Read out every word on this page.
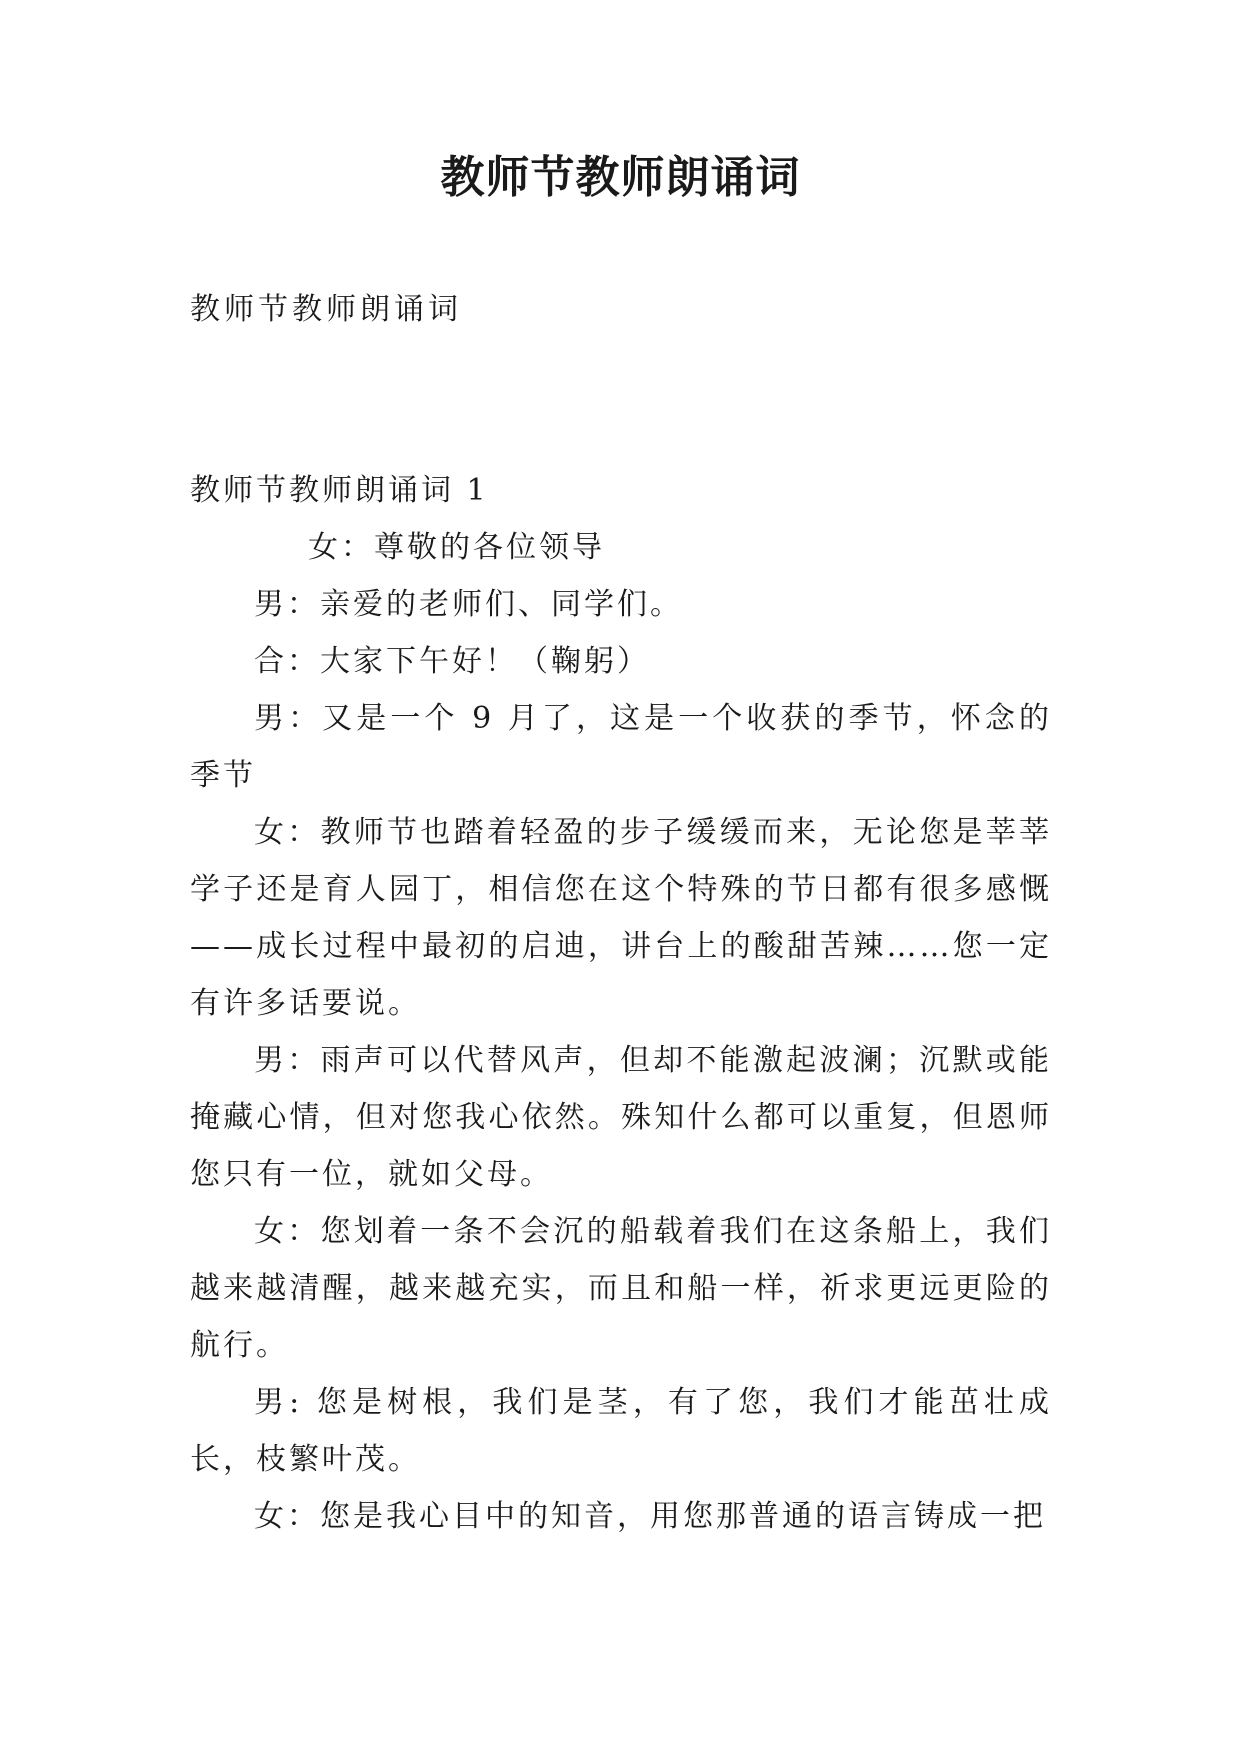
教师节教师朗诵词
教师节教师朗诵词

教师节教师朗诵词 1

女：尊敬的各位领导

男：亲爱的老师们、同学们。

合：大家下午好！（鞠躬）

男：又是一个 9 月了，这是一个收获的季节，怀念的季节

女：教师节也踏着轻盈的步子缓缓而来，无论您是莘莘学子还是育人园丁，相信您在这个特殊的节日都有很多感慨——成长过程中最初的启迪，讲台上的酸甜苦辣……您一定有许多话要说。

男：雨声可以代替风声，但却不能激起波澜；沉默或能掩藏心情，但对您我心依然。殊知什么都可以重复，但恩师您只有一位，就如父母。

女：您划着一条不会沉的船载着我们在这条船上，我们越来越清醒，越来越充实，而且和船一样，祈求更远更险的航行。

男: 您是树根，我们是茎，有了您，我们才能茁壮成长，枝繁叶茂。

女：您是我心目中的知音，用您那普通的语言铸成一把
